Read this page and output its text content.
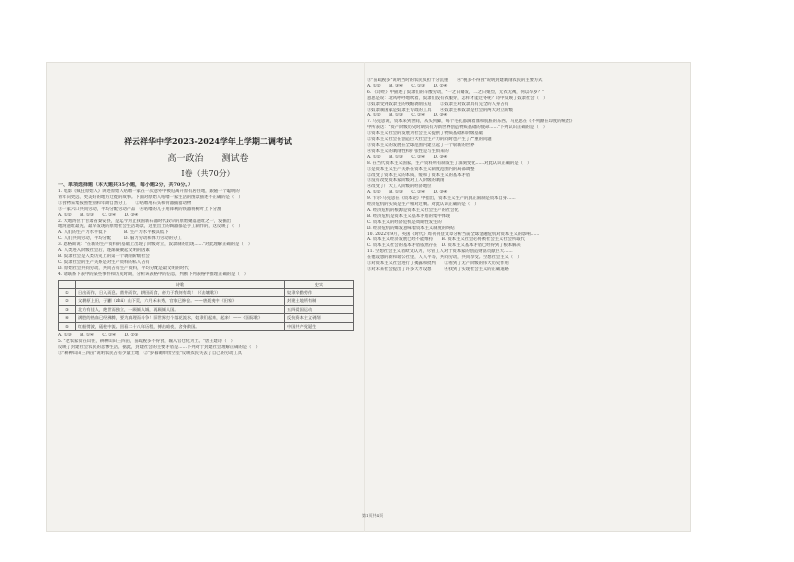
祥云祥华中学2023-2024学年上学期二调考试

高一政治　　测试卷

Ⅰ卷（共70分）

一、单项选择题（本大题共35小题，每小题2分，共70分。）

1. 电影《疯狂原始人》讲述原始人咕噜一家在一次意外中被迫离开原有居住地，跟随一个聪明的

青年向更远、更美好的地方迁徙的故事。下面对原始人咕噜一家生活的图景描述不正确的是（　）

①食物采集按照性别和年龄自然分工　　②咕噜用石头和骨器捕猎动物

③一家六口共同劳动，平均分配劳动产品　④咕噜的儿子用锋利的铁器将树叶上下分割

A. ①②　　B. ①③　　C. ②④　　D. ③④

2. 大地湾位于甘肃省秦安县，是迄今为止我国新石器时代较早的原始聚落遗址之一，发掘出

地湾遗址最先、最早发现的原始社会生活场景，这里出土的陶器都是手工制作的，这反映了（　）

A. 人们的生产力水平低下　　　　B. 生产力水平极其低下

C. 人们共同劳动，平均分配　　　D. 脑力劳动和体力劳动的分工

3. 恩格斯说："在新的生产资料的基础上出现了阶级对立，奴隶制的出现……"对此理解正确的是（　）

A. 人类进入阶级社会后，逐渐凝聚起文明的因素

B. 奴隶社会是人类历史上的第一个剥削阶级社会

C. 奴隶社会的生产关系是对生产资料的私人占有

D. 原始社会共同劳动，共同占有生产资料，平均分配是最文明的时代

4. 请联系下表中的某些事件和历史时期，分析该表格中的信息，判断下列表格中推理正确的是（　）

	诗歌	史实
①	日出而作，日入而息。凿井而饮，耕田而食，帝力于我何有哉！（《击壤歌》）	奴隶辛勤劳作
②	父耕原上田，子劚（zhú）山下荒，六月禾未秀，官家已修仓。——唐聂夷中《田家》	封建土地所有制
③	北方有佳人，绝世而独立，一顾倾人城，再顾倾人国。	五四爱国运动
④	满腔的热血已经沸腾，要为真理而斗争！旧世界打个落花流水，奴隶们起来，起来！——《国际歌》	反抗资本主义剥削
⑤	红船劈波，砥柱中流。回看二十八年历程，搏击暗夜，舍身救国。	中国共产党诞生

A. ①③　　B. ①④　　C. ②④　　D. ②⑤

5. "老农家贫在山住，耕种山田三四亩，苗疏税多不得食，输入官仓化为土。"唐王建诗（　）

反映了封建社会农民的悲惨生活，据此，封建社会的主要矛盾是……下列对于封建社会理解正确的是（　）

①"耕种山田三四亩"说明农民占有少量土地　②"岁暮锄犁傍空室"反映农民失去了自己的劳动工具

第1页共4页

③"苗疏税多"说明当时的农民负担十分沉重　　④"税多不得食"说明封建剥削农民的主要方式

A. ①②　　B. ③④　　C. ①③　　D. ②④

6. 《诗经》中描述了奴隶们的辛酸劳动，"一之日觱发，二之日栗烈，无衣无褐，何以卒岁？"

意思是说：北风呼呼地吹着，奴隶们没有衣服穿，怎样才能过冬呢？诗中反映了奴隶社会（　）

①奴隶受到奴隶主的残酷剥削压迫　　②奴隶主对奴隶具有完全的人身占有

③奴隶制国家是奴隶主专政的工具　　④奴隶主和奴隶是社会的两大对立阶级

A. ①②　　B. ①③　　C. ②④　　D. ③④

7. 马克思说，资本来到世间，从头到脚，每个毛孔都滴着血和肮脏的东西。马克思在《不列颠在印度的统治》

中所表达："资产阶级历史时期负有为新世界创造物质基础的使命……"下列认识正确的是（　）

①资本主义社会的发展为社会主义提供了物质基础和阶级基础

②资本主义社会在创造巨大社会生产力的同时也产生了严重的问题

③资本主义的发展在全球范围内建立起了一个崭新的世界

④资本主义的剥削性和扩张性是与生俱来的

A. ①②　　B. ①③　　C. ②④　　D. ③④

8. 在当代资本主义国家，生产资料所有制发生了深刻变化……对此认识正确的是（　）

①是资本主义生产关系在资本主义制度范围内的局部调整

②改变了资本主义的本质，缓和了资本主义的基本矛盾

③没有改变资本家阶级对工人阶级的剥削

④改变了广大工人阶级的经济地位

A. ①②　　B. ①③　　C. ②④　　D. ③④

9. 卡尔·马克思在《资本论》中指出，资本主义生产的真正限制是资本自身……

经济危机的实质是生产相对过剩。对此认识正确的是（　）

A. 经济危机的根源是资本主义社会生产的社会化

B. 经济危机是资本主义基本矛盾的集中体现

C. 资本主义的经济危机是周期性发生的

D. 经济危机的爆发意味着资本主义制度的终结

10. 2022年9月，英国《时代》周刊刊登文章分析当前全球金融危机对资本主义的影响……

A. 资本主义经济发展已经不能维持　　B. 资本主义社会必将被社会主义社会所取代

C. 资本主义社会的基本矛盾依然存在　D. 资本主义基本矛盾已经得到了根本解决

11. 空想社会主义者欧文认为，尽管工人对于资本家的创造财富贡献巨大……

在他设想的新和谐公社里，人人平等，共同劳动，共同享受。空想社会主义（　）

①对资本主义社会进行了揭露和批判　　②看到了无产阶级的伟大历史作用

③对未来社会提出了许多天才设想　　　④找到了实现社会主义的正确道路
